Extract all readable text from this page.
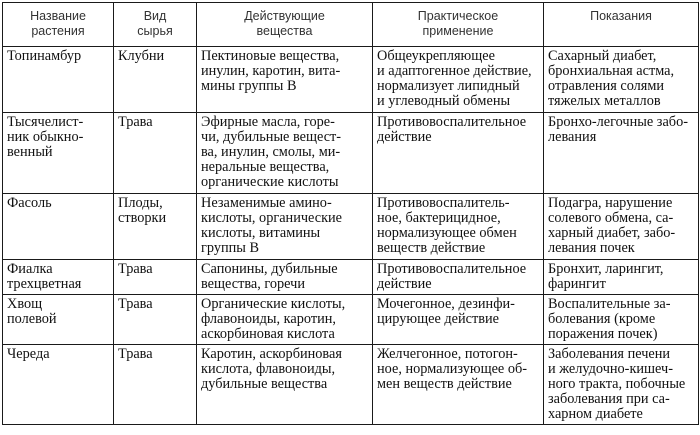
Название
растения	Вид
сырья	Действующие
вещества	Практическое
применение	Показания
Топинамбур	Клубни	Пектиновые вещества,
инулин, каротин, вита-
мины группы В	Общеукрепляющее
и адаптогенное действие,
нормализует липидный
и углеводный обмены	Сахарный диабет,
бронхиальная астма,
отравления солями
тяжелых металлов
Тысячелист-
ник обыкно-
венный	Трава	Эфирные масла, горе-
чи, дубильные вещест-
ва, инулин, смолы, ми-
неральные вещества,
органические кислоты	Противовоспалительное
действие	Бронхо-легочные забо-
левания
Фасоль	Плоды,
створки	Незаменимые амино-
кислоты, органические
кислоты, витамины
группы В	Противовоспалитель-
ное, бактерицидное,
нормализующее обмен
веществ действие	Подагра, нарушение
солевого обмена, са-
харный диабет, забо-
левания почек
Фиалка
трехцветная	Трава	Сапонины, дубильные
вещества, горечи	Противовоспалительное
действие	Бронхит, ларингит,
фарингит
Хвощ
полевой	Трава	Органические кислоты,
флавоноиды, каротин,
аскорбиновая кислота	Мочегонное, дезинфи-
цирующее действие	Воспалительные за-
болевания (кроме
поражения почек)
Череда	Трава	Каротин, аскорбиновая
кислота, флавоноиды,
дубильные вещества	Желчегонное, потогон-
ное, нормализующее об-
мен веществ действие	Заболевания печени
и желудочно-кишеч-
ного тракта, побочные
заболевания при са-
харном диабете
